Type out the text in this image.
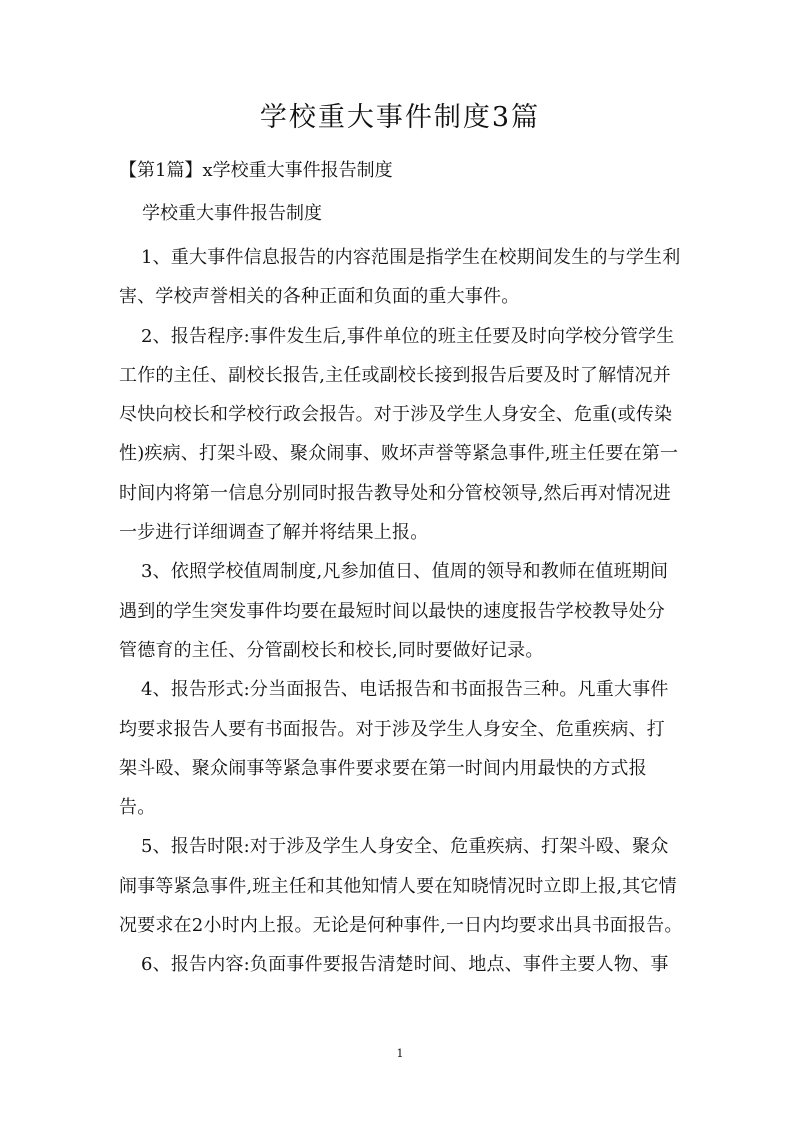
学校重大事件制度3篇
【第1篇】x学校重大事件报告制度
学校重大事件报告制度

1、重大事件信息报告的内容范围是指学生在校期间发生的与学生利害、学校声誉相关的各种正面和负面的重大事件。

2、报告程序:事件发生后,事件单位的班主任要及时向学校分管学生工作的主任、副校长报告,主任或副校长接到报告后要及时了解情况并尽快向校长和学校行政会报告。对于涉及学生人身安全、危重(或传染性)疾病、打架斗殴、聚众闹事、败坏声誉等紧急事件,班主任要在第一时间内将第一信息分别同时报告教导处和分管校领导,然后再对情况进一步进行详细调查了解并将结果上报。

3、依照学校值周制度,凡参加值日、值周的领导和教师在值班期间遇到的学生突发事件均要在最短时间以最快的速度报告学校教导处分管德育的主任、分管副校长和校长,同时要做好记录。

4、报告形式:分当面报告、电话报告和书面报告三种。凡重大事件均要求报告人要有书面报告。对于涉及学生人身安全、危重疾病、打架斗殴、聚众闹事等紧急事件要求要在第一时间内用最快的方式报告。

5、报告时限:对于涉及学生人身安全、危重疾病、打架斗殴、聚众闹事等紧急事件,班主任和其他知情人要在知晓情况时立即上报,其它情况要求在2小时内上报。无论是何种事件,一日内均要求出具书面报告。

6、报告内容:负面事件要报告清楚时间、地点、事件主要人物、事

1
